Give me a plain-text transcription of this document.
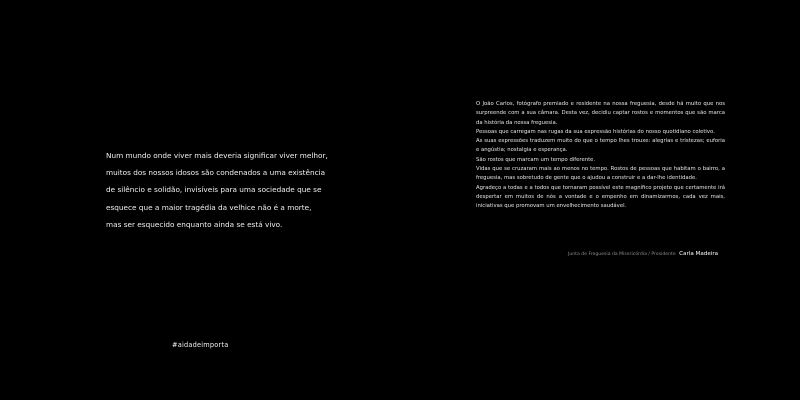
Num mundo onde viver mais deveria significar viver melhor,
muitos dos nossos idosos são condenados a uma existência
de silêncio e solidão, invisíveis para uma sociedade que se
esquece que a maior tragédia da velhice não é a morte,
mas ser esquecido enquanto ainda se está vivo.
#aidadeimporta

O João Carlos, fotógrafo premiado e residente na nossa freguesia, desde há muito que nos surpreende com a sua câmara. Desta vez, decidiu captar rostos e momentos que são marca da história da nossa freguesia.

Pessoas que carregam nas rugas da sua expressão histórias do nosso quotidiano coletivo.

As suas expressões traduzem muito do que o tempo lhes trouxe: alegrias e tristezas; euforia e angústia; nostalgia e esperança.

São rostos que marcam um tempo diferente.

Vidas que se cruzaram mais ao menos no tempo. Rostos de pessoas que habitam o bairro, a freguesia, mas sobretudo de gente que o ajudou a construir e a dar-lhe identidade.

Agradeço a todas e a todos que tornaram possível este magnífico projeto que certamente irá despertar em muitos de nós a vontade e o empenho em dinamizarmos, cada vez mais, iniciativas que promovam um envelhecimento saudável.

Junta de Freguesia da Misericórdia / Presidente Carla Madeira
